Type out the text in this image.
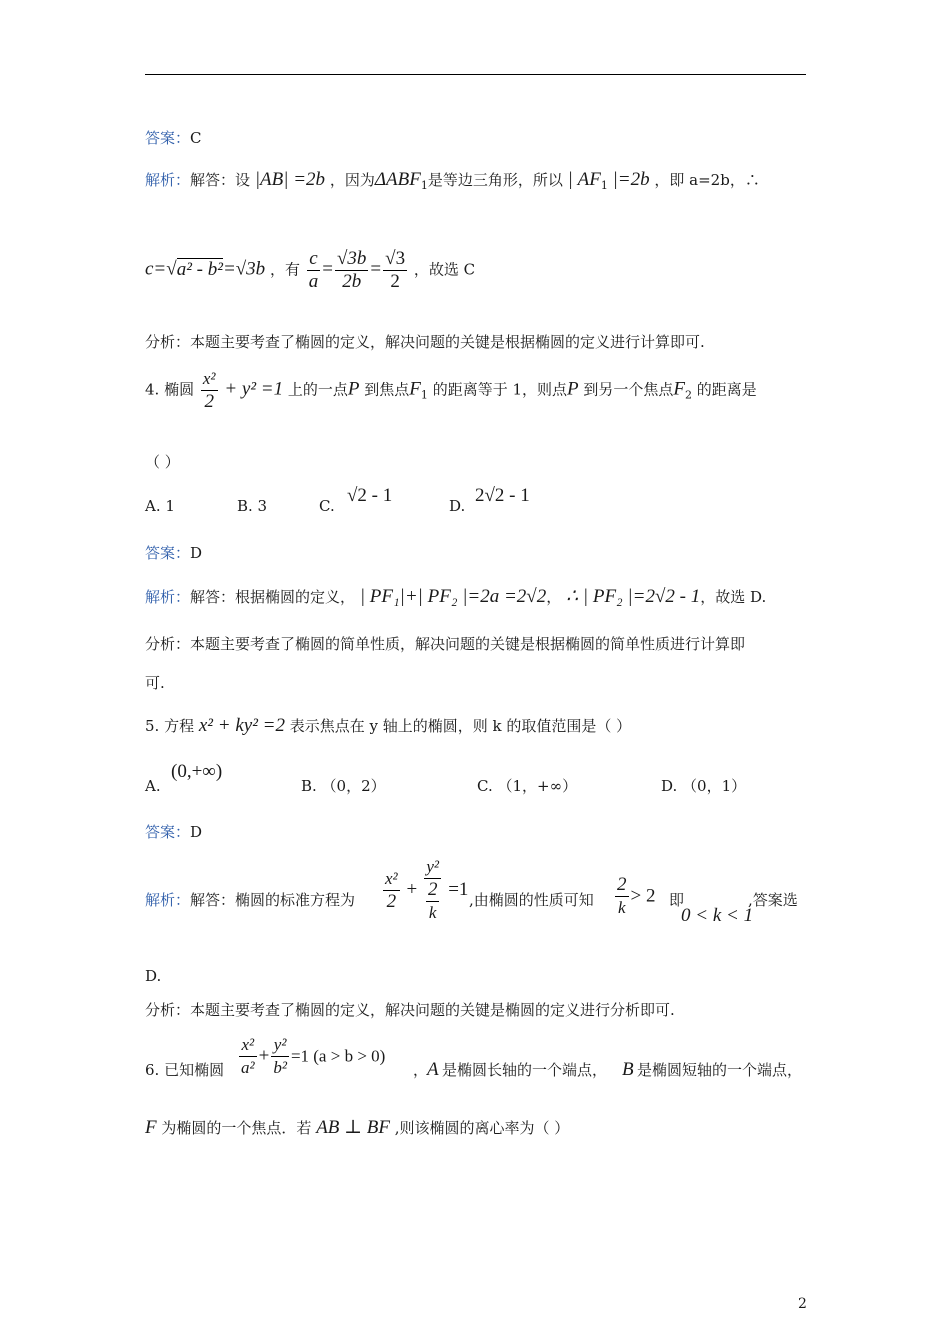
答案：C
解析：解答：设 |AB| =2b ，因为$\Delta ABF_1$是等边三角形，所以 | $AF_1$ |=2b ，即 a=2b，∴
c=√a² - b²=√3b ，有 $\frac{c}{a} = \frac{√3b}{2b} = \frac{√3}{2}$ ，故选 C
分析：本题主要考查了椭圆的定义，解决问题的关键是根据椭圆的定义进行计算即可.
4. 椭圆 $\frac{\text{x²}}{2} + y^2 =1$ 上的一点P 到焦点$F_1$ 的距离等于 1，则点P 到另一个焦点$F_2$ 的距离是
（ ）
A. 1	B. 3	C. √2 - 1	D. 2√2 - 1
答案：D
解析：解答：根据椭圆的定义， | PF₁|+| PF₂ |=2a =2√2， ∴ | PF₂ |=2√2 - 1，故选 D.
分析：本题主要考查了椭圆的简单性质，解决问题的关键是根据椭圆的简单性质进行计算即
可.
5. 方程 x² + ky² =2 表示焦点在 y 轴上的椭圆，则 k 的取值范围是（ ）
A.
(0,+∞)
B. （0，2）	C. （1，+∞）	D. （0，1）
答案：D
解析：解答：椭圆的标准方程为 $\frac{\text{x²}}{2} + \frac{\text{y²}}{\frac{2}{k}} =1$ ,由椭圆的性质可知 $\frac{2}{k} > 2$ 即
0 < k < 1
,答案选
D.
分析：本题主要考查了椭圆的定义，解决问题的关键是椭圆的定义进行分析即可.
6. 已知椭圆 $\frac{\text{x²}}{\text{a²}} + \frac{\text{y²}}{\text{b²}} =1$ (a > b > 0)
，
A 是椭圆长轴的一个端点， B 是椭圆短轴的一个端点，
F 为椭圆的一个焦点．若 AB ⊥ BF ,则该椭圆的离心率为（ ）
2
